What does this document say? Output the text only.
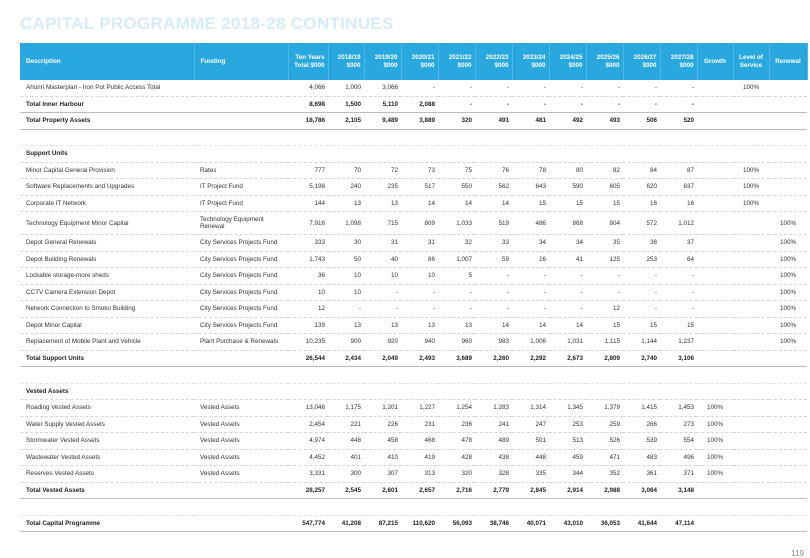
CAPITAL PROGRAMME 2018-28 CONTINUES
Description	Funding	Ten Years Total $000	2018/19 $000	2019/20 $000	2020/21 $000	2021/22 $000	2022/23 $000	2023/24 $000	2024/25 $000	2025/26 $000	2026/27 $000	2027/28 $000	Growth	Level of Service	Renewal
Ahuriri Masterplan - Iron Pot Public Access Total		4,066	1,000	3,066	-	-	-	-	-	-	-	-		100%	
Total Inner Harbour		8,698	1,500	5,110	2,088	-	-	-	-	-	-	-			
Total Property Assets		18,786	2,105	9,489	3,889	320	491	481	492	493	506	520			

Support Units															
Minor Capital General Provision	Rates	777	70	72	73	75	76	78	80	82	84	87		100%	
Software Replacements and Upgrades	IT Project Fund	5,198	240	235	517	550	562	643	590	605	620	637		100%	
Corporate IT Network	IT Project Fund	144	13	13	14	14	14	15	15	15	16	16		100%	
Technology Equipment Minor Capital	Technology Equipment Renewal	7,916	1,098	715	809	1,033	519	486	868	804	572	1,012			100%
Depot General Renewals	City Services Projects Fund	333	30	31	31	32	33	34	34	35	36	37			100%
Depot Building Renewals	City Services Projects Fund	1,743	50	40	86	1,007	59	16	41	125	253	64			100%
Lockable storage-more sheds	City Services Projects Fund	36	10	10	10	5	-	-	-	-	-	-			100%
CCTV Camera Extension Depot	City Services Projects Fund	10	10	-	-	-	-	-	-	-	-	-			100%
Network Connection to Smoko Building	City Services Projects Fund	12	-	-	-	-	-	-	-	12	-	-			100%
Depot Minor Capital	City Services Projects Fund	139	13	13	13	13	14	14	14	15	15	15			100%
Replacement of Mobile Plant and Vehicle	Plant Purchase & Renewals	10,235	900	920	940	960	983	1,006	1,031	1,115	1,144	1,237			100%
Total Support Units		26,544	2,434	2,049	2,493	3,689	2,260	2,292	2,673	2,809	2,740	3,106			

Vested Assets															
Roading Vested Assets	Vested Assets	13,046	1,175	1,201	1,227	1,254	1,283	1,314	1,345	1,379	1,415	1,453	100%		
Water Supply Vested Assets	Vested Assets	2,454	221	226	231	236	241	247	253	259	266	273	100%		
Stormwater Vested Assets	Vested Assets	4,974	448	458	468	478	489	501	513	526	539	554	100%		
Wastewater Vested Assets	Vested Assets	4,452	401	410	419	428	438	448	459	471	483	496	100%		
Reserves Vested Assets	Vested Assets	3,331	300	307	313	320	328	335	344	352	361	371	100%		
Total Vested Assets		28,257	2,545	2,601	2,657	2,716	2,779	2,845	2,914	2,988	3,064	3,148			

Total Capital Programme		547,774	41,208	87,215	110,620	56,093	38,746	40,071	43,010	36,053	41,644	47,114			
119
